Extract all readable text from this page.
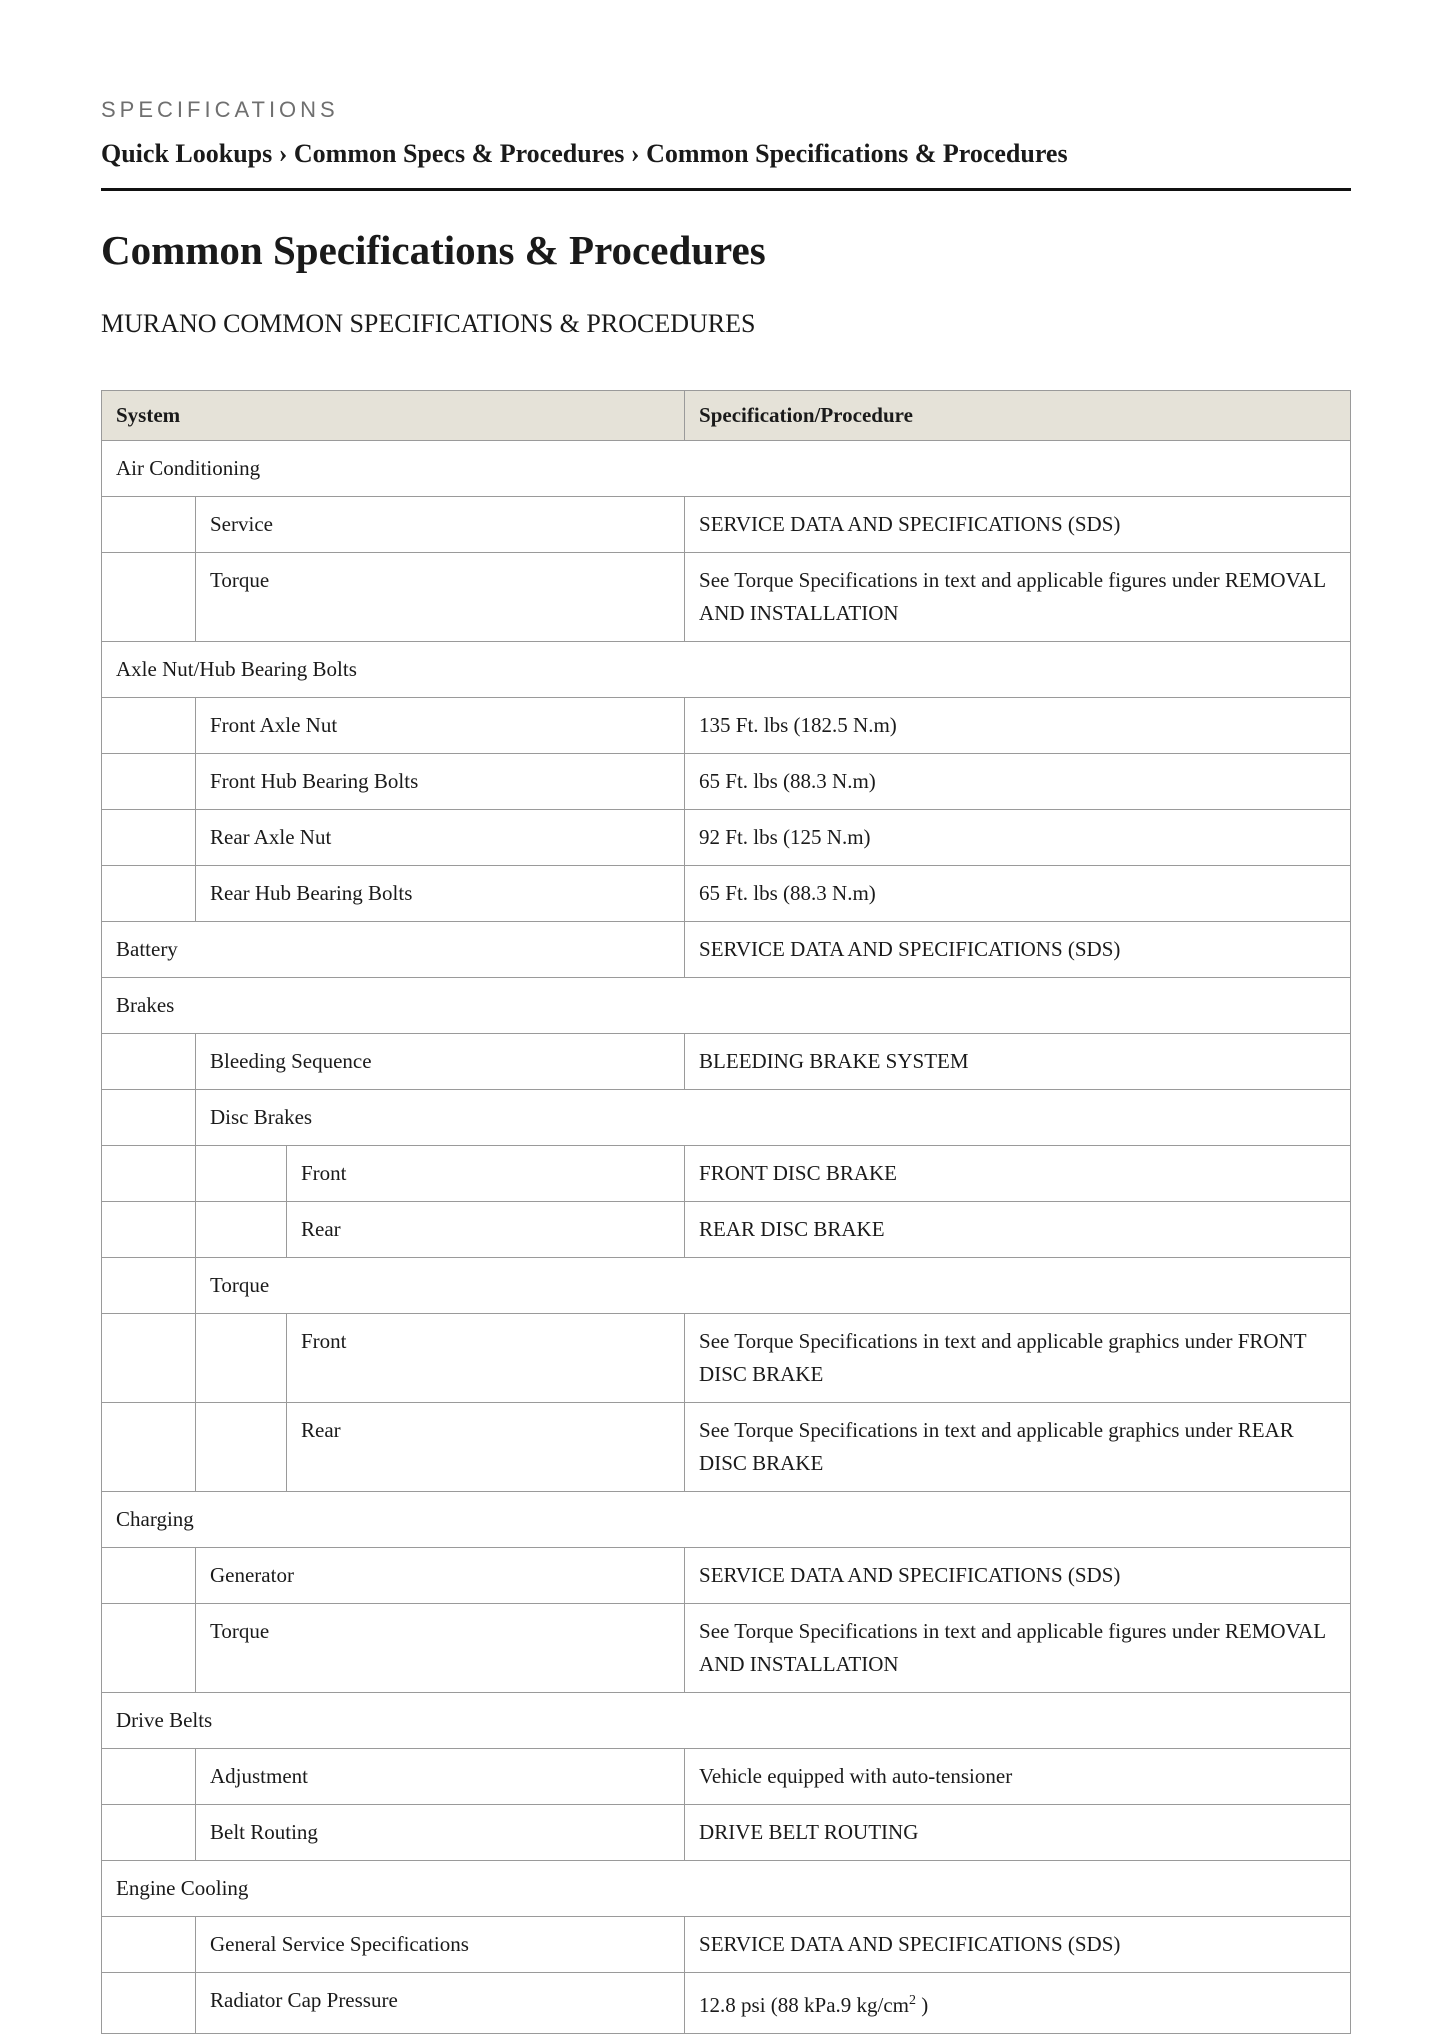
SPECIFICATIONS
Quick Lookups › Common Specs & Procedures › Common Specifications & Procedures
Common Specifications & Procedures
MURANO COMMON SPECIFICATIONS & PROCEDURES
System			Specification/Procedure
Air Conditioning			
	Service		SERVICE DATA AND SPECIFICATIONS (SDS)
	Torque		See Torque Specifications in text and applicable figures under REMOVAL AND INSTALLATION
Axle Nut/Hub Bearing Bolts			
	Front Axle Nut		135 Ft. lbs (182.5 N.m)
	Front Hub Bearing Bolts		65 Ft. lbs (88.3 N.m)
	Rear Axle Nut		92 Ft. lbs (125 N.m)
	Rear Hub Bearing Bolts		65 Ft. lbs (88.3 N.m)
Battery			SERVICE DATA AND SPECIFICATIONS (SDS)
Brakes			
	Bleeding Sequence		BLEEDING BRAKE SYSTEM
	Disc Brakes		
		Front	FRONT DISC BRAKE
		Rear	REAR DISC BRAKE
	Torque		
		Front	See Torque Specifications in text and applicable graphics under FRONT DISC BRAKE
		Rear	See Torque Specifications in text and applicable graphics under REAR DISC BRAKE
Charging			
	Generator		SERVICE DATA AND SPECIFICATIONS (SDS)
	Torque		See Torque Specifications in text and applicable figures under REMOVAL AND INSTALLATION
Drive Belts			
	Adjustment		Vehicle equipped with auto-tensioner
	Belt Routing		DRIVE BELT ROUTING
Engine Cooling			
	General Service Specifications		SERVICE DATA AND SPECIFICATIONS (SDS)
	Radiator Cap Pressure		12.8 psi (88 kPa.9 $kg/cm^2$ )
